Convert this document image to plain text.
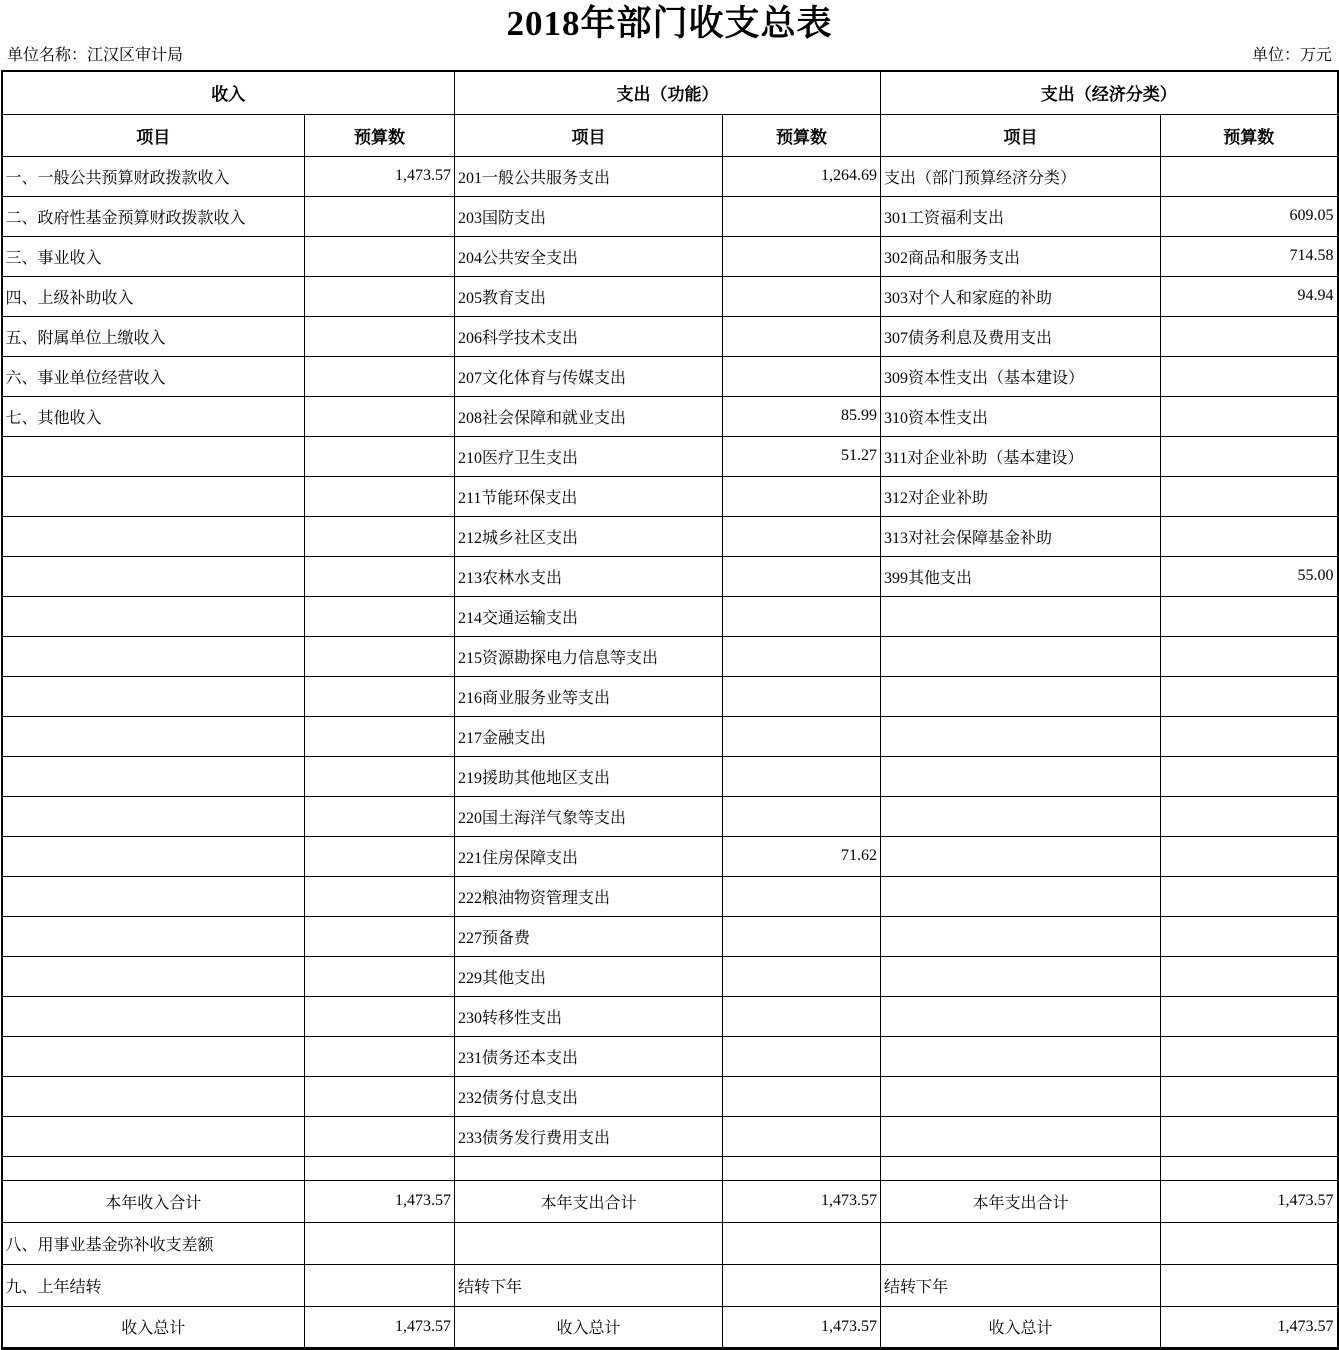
2018年部门收支总表
单位名称：江汉区审计局	单位：万元
收入		支出（功能）		支出（经济分类）	
项目	预算数	项目	预算数	项目	预算数
一、一般公共预算财政拨款收入	1,473.57	201一般公共服务支出	1,264.69	支出（部门预算经济分类）	
二、政府性基金预算财政拨款收入		203国防支出		301工资福利支出	609.05
三、事业收入		204公共安全支出		302商品和服务支出	714.58
四、上级补助收入		205教育支出		303对个人和家庭的补助	94.94
五、附属单位上缴收入		206科学技术支出		307债务利息及费用支出	
六、事业单位经营收入		207文化体育与传媒支出		309资本性支出（基本建设）	
七、其他收入		208社会保障和就业支出	85.99	310资本性支出	
		210医疗卫生支出	51.27	311对企业补助（基本建设）	
		211节能环保支出		312对企业补助	
		212城乡社区支出		313对社会保障基金补助	
		213农林水支出		399其他支出	55.00
		214交通运输支出			
		215资源勘探电力信息等支出			
		216商业服务业等支出			
		217金融支出			
		219援助其他地区支出			
		220国土海洋气象等支出			
		221住房保障支出	71.62		
		222粮油物资管理支出			
		227预备费			
		229其他支出			
		230转移性支出			
		231债务还本支出			
		232债务付息支出			
		233债务发行费用支出			

本年收入合计	1,473.57	本年支出合计	1,473.57	本年支出合计	1,473.57
八、用事业基金弥补收支差额					
九、上年结转		结转下年		结转下年	
收入总计	1,473.57	收入总计	1,473.57	收入总计	1,473.57
